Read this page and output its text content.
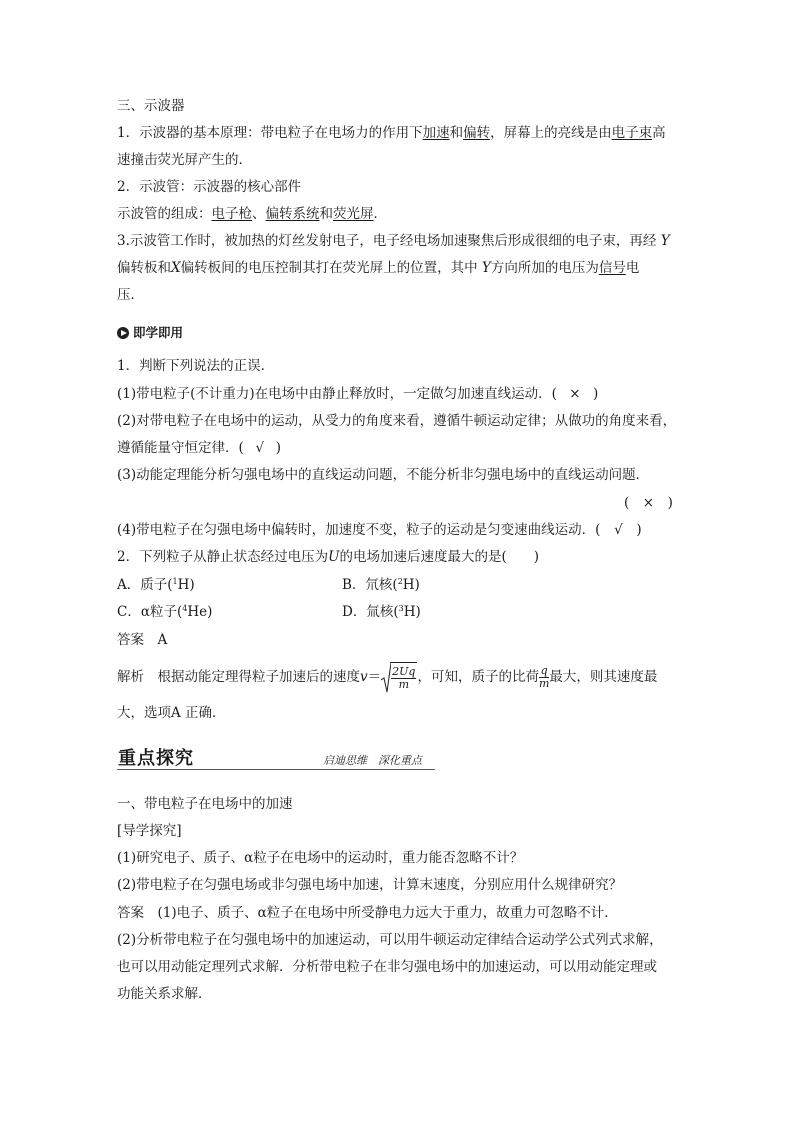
三、示波器
1．示波器的基本原理：带电粒子在电场力的作用下加速和偏转，屏幕上的亮线是由电子束高
速撞击荧光屏产生的．
2．示波管：示波器的核心部件
示波管的组成：电子枪、偏转系统和荧光屏．
3.示波管工作时，被加热的灯丝发射电子，电子经电场加速聚焦后形成很细的电子束，再经 Y
偏转板和X偏转板间的电压控制其打在荧光屏上的位置，其中 Y方向所加的电压为信号电
压．
即学即用
1．判断下列说法的正误．
(1)带电粒子(不计重力)在电场中由静止释放时，一定做匀加速直线运动．( × )
(2)对带电粒子在电场中的运动，从受力的角度来看，遵循牛顿运动定律；从做功的角度来看，
遵循能量守恒定律．( √ )
(3)动能定理能分析匀强电场中的直线运动问题，不能分析非匀强电场中的直线运动问题．
(　×　)
(4)带电粒子在匀强电场中偏转时，加速度不变，粒子的运动是匀变速曲线运动．( √ )
2．下列粒子从静止状态经过电压为U的电场加速后速度最大的是(　　)
A．质子($^1$H)	B．氘核($^2$H)
C．α粒子($^4$He)	D．氚核($^3$H)
答案　 A
解析　 根据动能定理得粒子加速后的速度$v= \frac{2Uq}{m}$ ，可知，质子的比荷 $\frac{q}{m}$ 最大，则其速度最
大，选项A 正确．
重点探究	启迪思维　深化重点
一、带电粒子在电场中的加速
[导学探究]
(1)研究电子、质子、α粒子在电场中的运动时，重力能否忽略不计？
(2)带电粒子在匀强电场或非匀强电场中加速，计算末速度，分别应用什么规律研究？
答案　 (1)电子、质子、α粒子在电场中所受静电力远大于重力，故重力可忽略不计．
(2)分析带电粒子在匀强电场中的加速运动，可以用牛顿运动定律结合运动学公式列式求解，
也可以用动能定理列式求解．分析带电粒子在非匀强电场中的加速运动，可以用动能定理或
功能关系求解．
